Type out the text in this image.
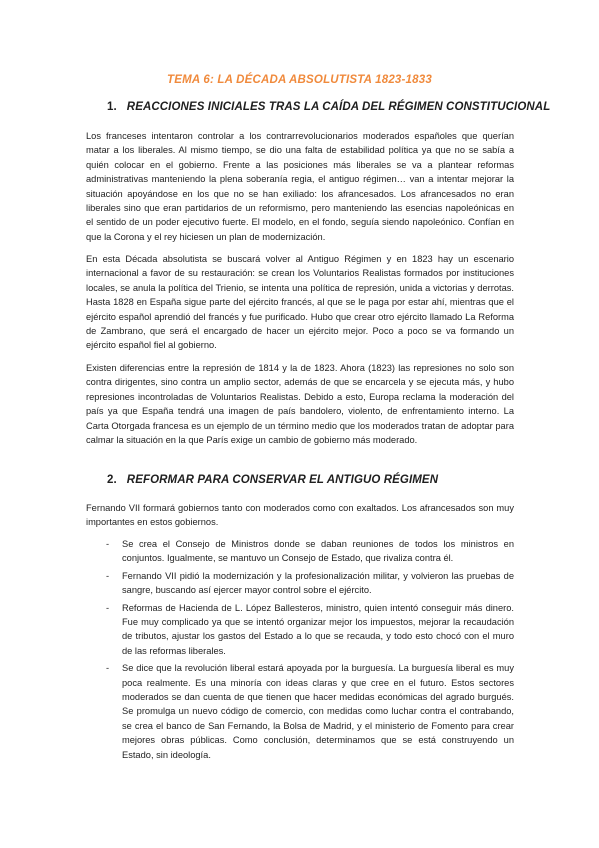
TEMA 6: LA DÉCADA ABSOLUTISTA 1823-1833
1. REACCIONES INICIALES TRAS LA CAÍDA DEL RÉGIMEN CONSTITUCIONAL

Los franceses intentaron controlar a los contrarrevolucionarios moderados españoles que querían matar a los liberales. Al mismo tiempo, se dio una falta de estabilidad política ya que no se sabía a quién colocar en el gobierno. Frente a las posiciones más liberales se va a plantear reformas administrativas manteniendo la plena soberanía regia, el antiguo régimen… van a intentar mejorar la situación apoyándose en los que no se han exiliado: los afrancesados. Los afrancesados no eran liberales sino que eran partidarios de un reformismo, pero manteniendo las esencias napoleónicas en el sentido de un poder ejecutivo fuerte. El modelo, en el fondo, seguía siendo napoleónico. Confían en que la Corona y el rey hiciesen un plan de modernización.

En esta Década absolutista se buscará volver al Antiguo Régimen y en 1823 hay un escenario internacional a favor de su restauración: se crean los Voluntarios Realistas formados por instituciones locales, se anula la política del Trienio, se intenta una política de represión, unida a victorias y derrotas. Hasta 1828 en España sigue parte del ejército francés, al que se le paga por estar ahí, mientras que el ejército español aprendió del francés y fue purificado. Hubo que crear otro ejército llamado La Reforma de Zambrano, que será el encargado de hacer un ejército mejor. Poco a poco se va formando un ejército español fiel al gobierno.

Existen diferencias entre la represión de 1814 y la de 1823. Ahora (1823) las represiones no solo son contra dirigentes, sino contra un amplio sector, además de que se encarcela y se ejecuta más, y hubo represiones incontroladas de Voluntarios Realistas. Debido a esto, Europa reclama la moderación del país ya que España tendrá una imagen de país bandolero, violento, de enfrentamiento interno. La Carta Otorgada francesa es un ejemplo de un término medio que los moderados tratan de adoptar para calmar la situación en la que París exige un cambio de gobierno más moderado.

2. REFORMAR PARA CONSERVAR EL ANTIGUO RÉGIMEN

Fernando VII formará gobiernos tanto con moderados como con exaltados. Los afrancesados son muy importantes en estos gobiernos.

- Se crea el Consejo de Ministros donde se daban reuniones de todos los ministros en conjuntos. Igualmente, se mantuvo un Consejo de Estado, que rivaliza contra él.
- Fernando VII pidió la modernización y la profesionalización militar, y volvieron las pruebas de sangre, buscando así ejercer mayor control sobre el ejército.
- Reformas de Hacienda de L. López Ballesteros, ministro, quien intentó conseguir más dinero. Fue muy complicado ya que se intentó organizar mejor los impuestos, mejorar la recaudación de tributos, ajustar los gastos del Estado a lo que se recauda, y todo esto chocó con el muro de las reformas liberales.
- Se dice que la revolución liberal estará apoyada por la burguesía. La burguesía liberal es muy poca realmente. Es una minoría con ideas claras y que cree en el futuro. Estos sectores moderados se dan cuenta de que tienen que hacer medidas económicas del agrado burgués. Se promulga un nuevo código de comercio, con medidas como luchar contra el contrabando, se crea el banco de San Fernando, la Bolsa de Madrid, y el ministerio de Fomento para crear mejores obras públicas. Como conclusión, determinamos que se está construyendo un Estado, sin ideología.
